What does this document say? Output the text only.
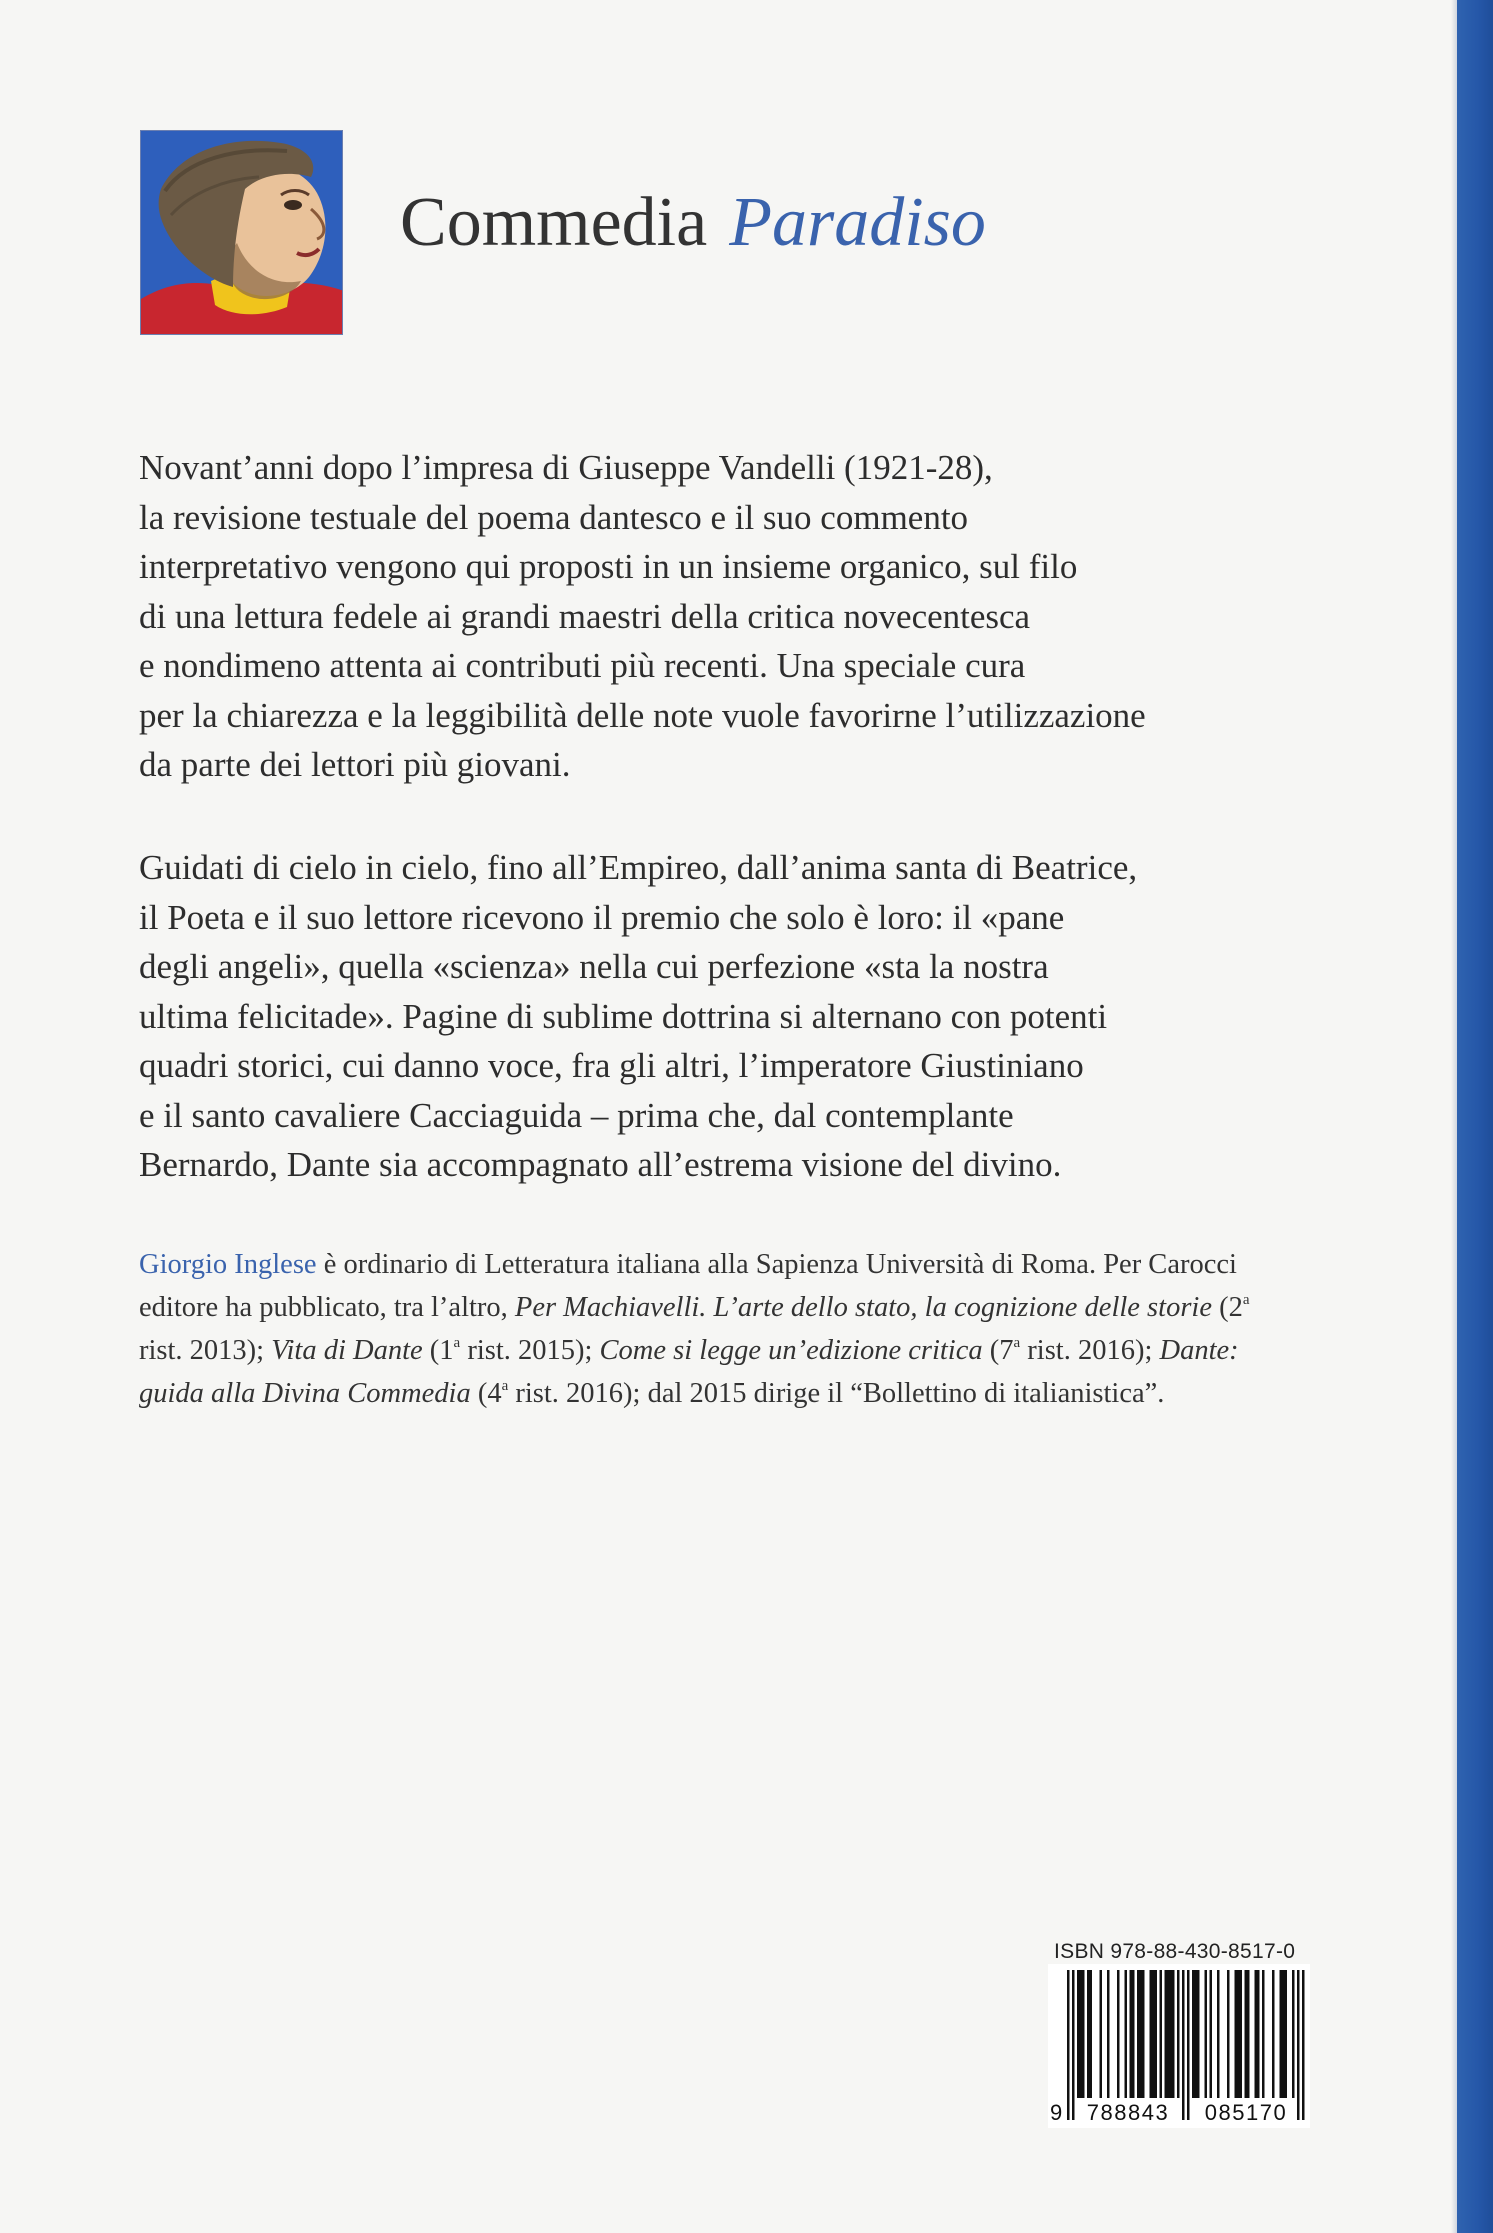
Commedia Paradiso

Novant’anni dopo l’impresa di Giuseppe Vandelli (1921-28),
la revisione testuale del poema dantesco e il suo commento
interpretativo vengono qui proposti in un insieme organico, sul filo
di una lettura fedele ai grandi maestri della critica novecentesca
e nondimeno attenta ai contributi più recenti. Una speciale cura
per la chiarezza e la leggibilità delle note vuole favorirne l’utilizzazione
da parte dei lettori più giovani.

Guidati di cielo in cielo, fino all’Empireo, dall’anima santa di Beatrice,
il Poeta e il suo lettore ricevono il premio che solo è loro: il «pane
degli angeli», quella «scienza» nella cui perfezione «sta la nostra
ultima felicitade». Pagine di sublime dottrina si alternano con potenti
quadri storici, cui danno voce, fra gli altri, l’imperatore Giustiniano
e il santo cavaliere Cacciaguida – prima che, dal contemplante
Bernardo, Dante sia accompagnato all’estrema visione del divino.

Giorgio Inglese è ordinario di Letteratura italiana alla Sapienza Università di Roma. Per Carocci editore ha pubblicato, tra l’altro, Per Machiavelli. L’arte dello stato, la cognizione delle storie (2$^a$ rist. 2013); Vita di Dante (1$^a$ rist. 2015); Come si legge un’edizione critica (7$^a$ rist. 2016); Dante: guida alla Divina Commedia (4$^a$ rist. 2016); dal 2015 dirige il “Bollettino di italianistica”.

ISBN 978-88-430-8517-0
9	788843	085170
